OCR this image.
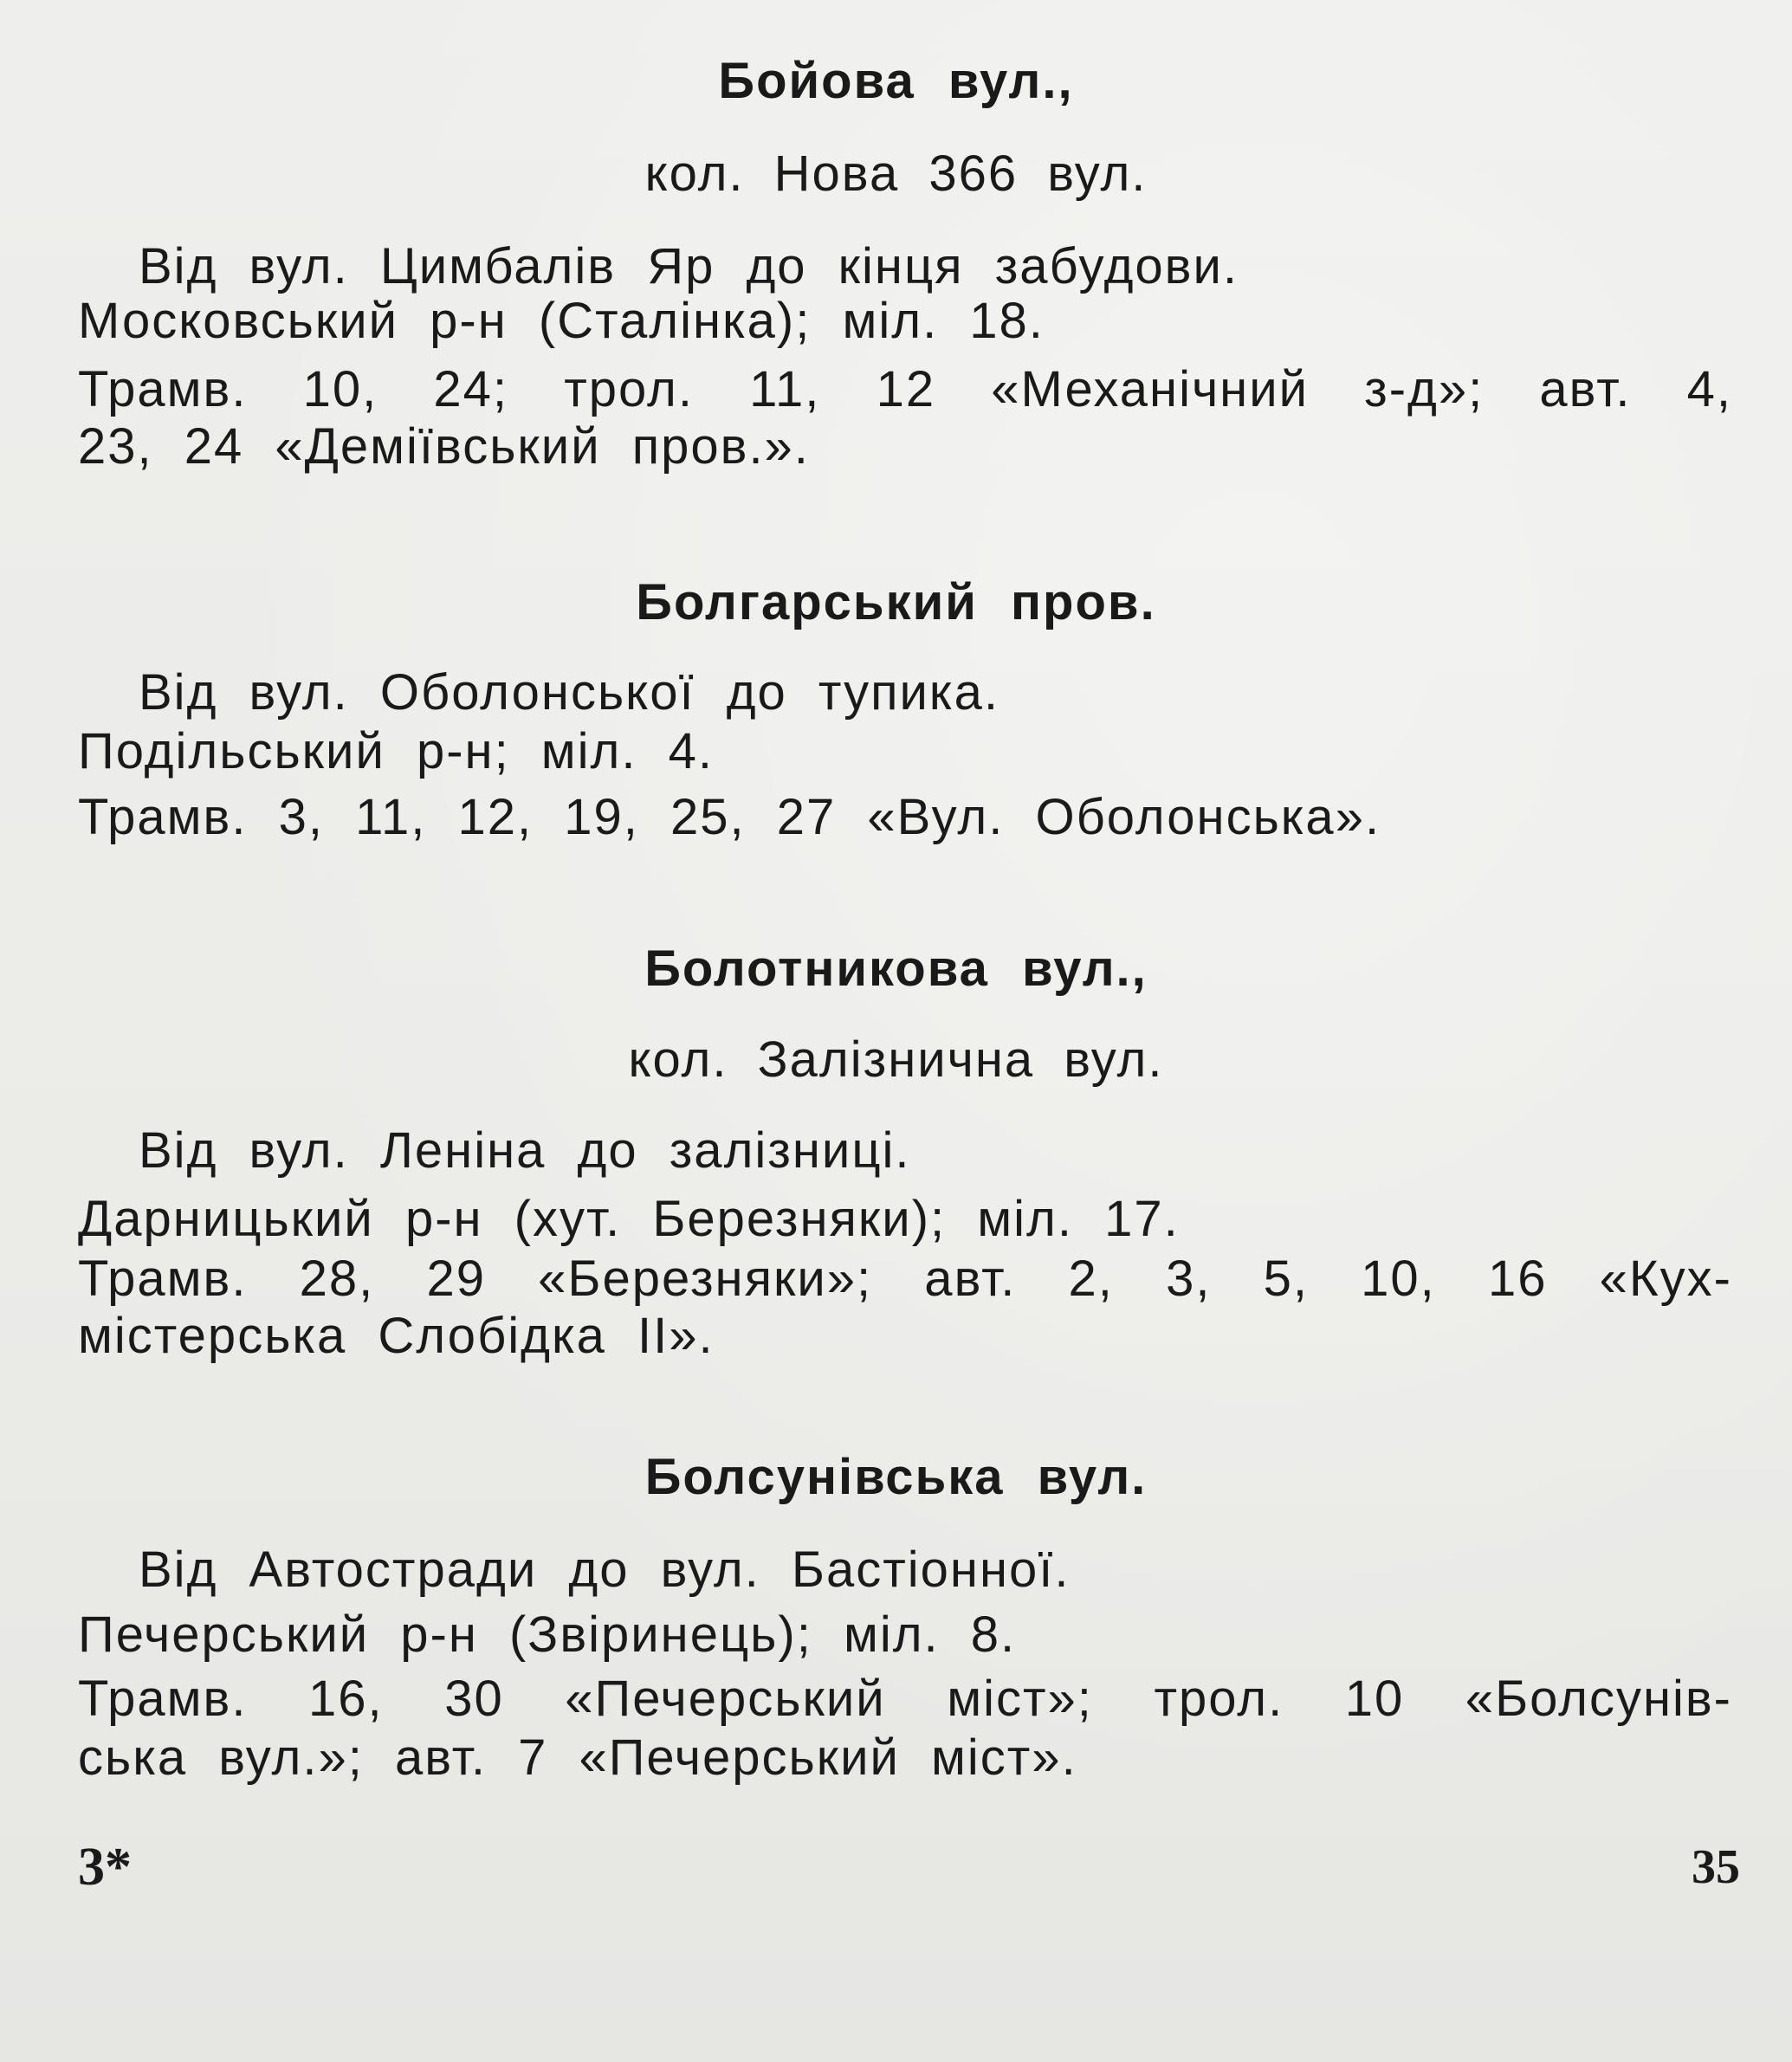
Бойова вул.,

кол. Нова 366 вул.

Від вул. Цимбалів Яр до кінця забудови.

Московський р-н (Сталінка); міл. 18.

Трамв. 10, 24; трол. 11, 12 «Механічний з-д»; авт. 4,

23, 24 «Деміївський пров.».

Болгарський пров.

Від вул. Оболонської до тупика.

Подільський р-н; міл. 4.

Трамв. 3, 11, 12, 19, 25, 27 «Вул. Оболонська».

Болотникова вул.,

кол. Залізнична вул.

Від вул. Леніна до залізниці.

Дарницький р-н (хут. Березняки); міл. 17.

Трамв. 28, 29 «Березняки»; авт. 2, 3, 5, 10, 16 «Кух-

містерська Слобідка II».

Болсунівська вул.

Від Автостради до вул. Бастіонної.

Печерський р-н (Звіринець); міл. 8.

Трамв. 16, 30 «Печерський міст»; трол. 10 «Болсунів-

ська вул.»; авт. 7 «Печерський міст».

3*	35
